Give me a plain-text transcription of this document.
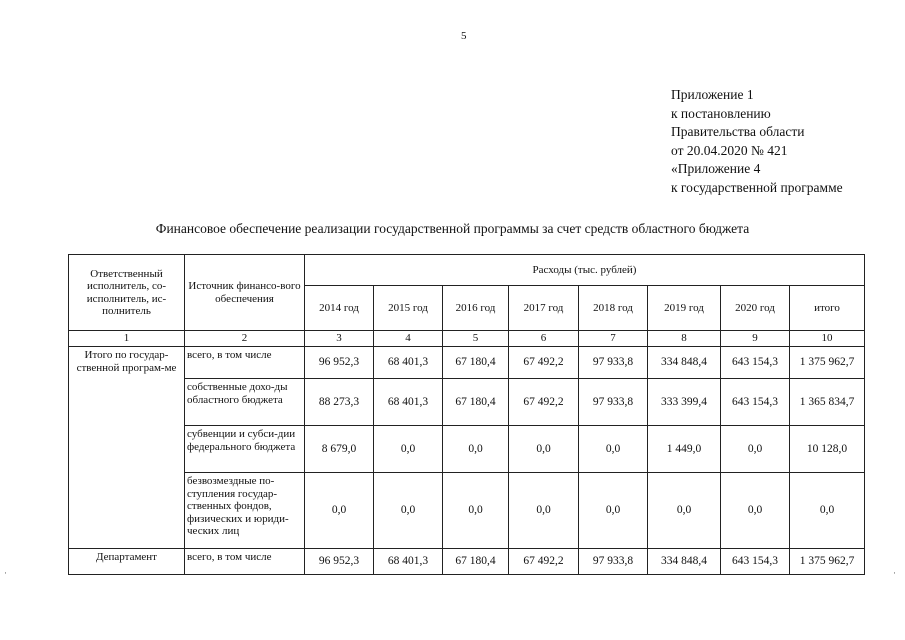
5
Приложение 1
к постановлению
Правительства области
от 20.04.2020 № 421
«Приложение 4
к государственной программе
Финансовое обеспечение реализации государственной программы за счет средств областного бюджета
Ответственный исполнитель, со-исполнитель, ис-полнитель	Источник финансо-вого обеспечения	Расходы (тыс. рублей)							
		2014 год	2015 год	2016 год	2017 год	2018 год	2019 год	2020 год	итого
1	2	3	4	5	6	7	8	9	10
Итого по государ-ственной програм-ме	всего, в том числе	96 952,3	68 401,3	67 180,4	67 492,2	97 933,8	334 848,4	643 154,3	1 375 962,7
	собственные дохо-ды областного бюджета	88 273,3	68 401,3	67 180,4	67 492,2	97 933,8	333 399,4	643 154,3	1 365 834,7
	субвенции и субси-дии федерального бюджета	8 679,0	0,0	0,0	0,0	0,0	1 449,0	0,0	10 128,0
	безвозмездные по-ступления государ-ственных фондов, физических и юриди-ческих лиц	0,0	0,0	0,0	0,0	0,0	0,0	0,0	0,0
Департамент	всего, в том числе	96 952,3	68 401,3	67 180,4	67 492,2	97 933,8	334 848,4	643 154,3	1 375 962,7
·	·
